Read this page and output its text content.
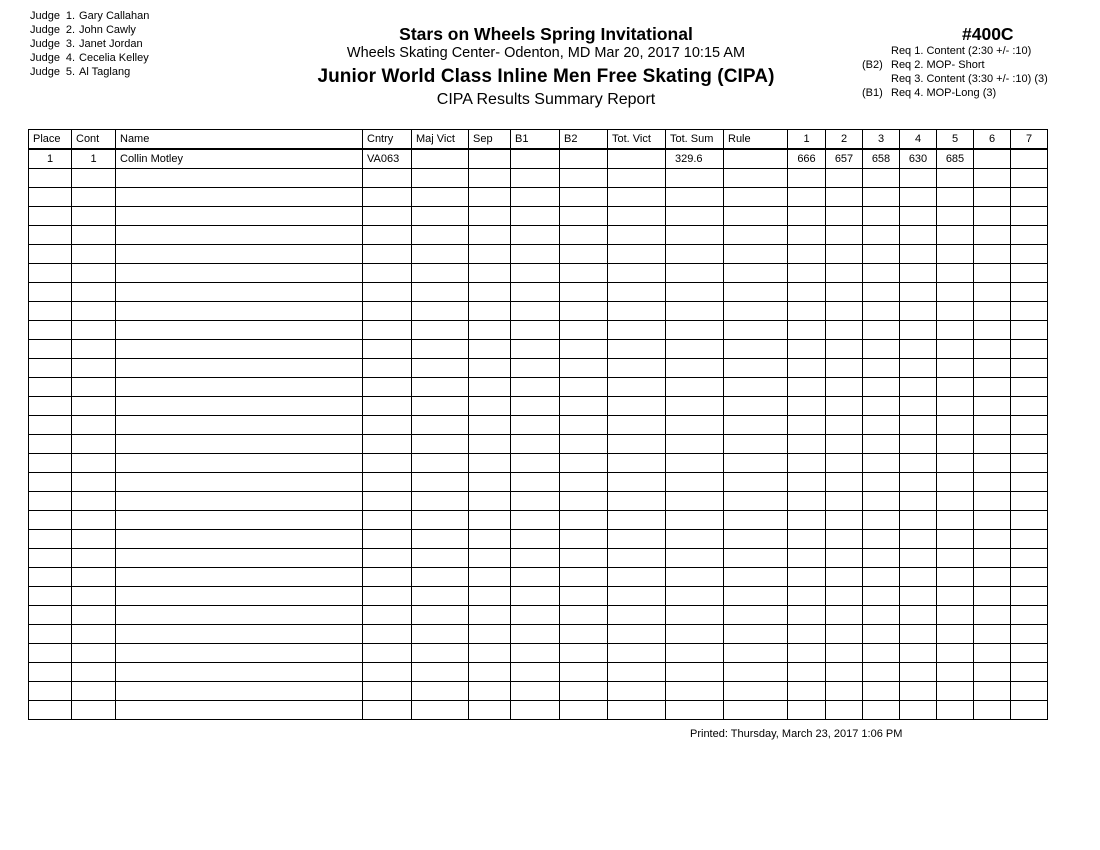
Judge 1. Gary Callahan
Judge 2. John Cawly
Judge 3. Janet Jordan
Judge 4. Cecelia Kelley
Judge 5. Al Taglang
Stars on Wheels Spring Invitational
Wheels Skating Center- Odenton, MD Mar 20, 2017 10:15 AM
Junior World Class Inline Men Free Skating (CIPA)
CIPA Results Summary Report
#400C
Req 1. Content (2:30 +/- :10)
(B2) Req 2. MOP- Short
Req 3. Content (3:30 +/- :10) (3)
(B1) Req 4. MOP-Long (3)
Place	Cont	Name	Cntry	Maj Vict	Sep	B1	B2	Tot. Vict	Tot. Sum	Rule	1	2	3	4	5	6	7
1	1	Collin Motley	VA063						329.6		666	657	658	630	685		

Printed: Thursday, March 23, 2017 1:06 PM
